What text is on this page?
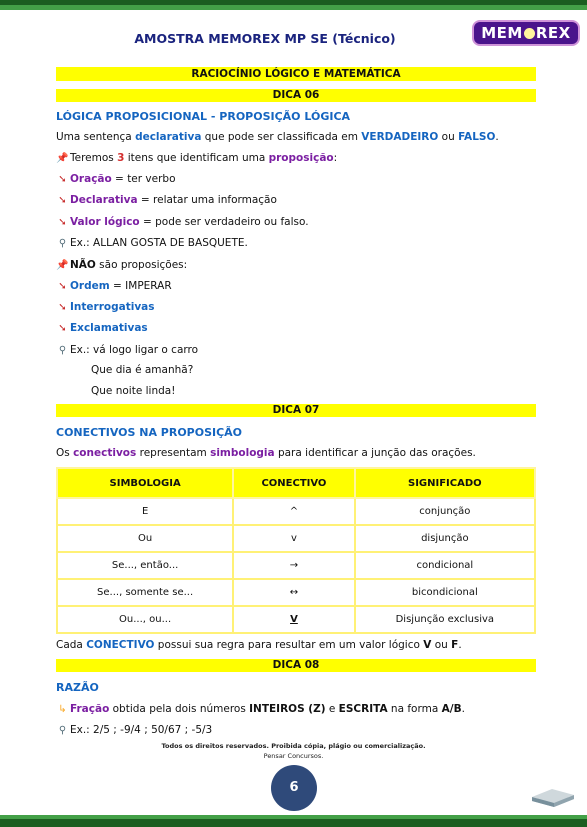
AMOSTRA MEMOREX MP SE (Técnico)	MEM REX
RACIOCÍNIO LÓGICO E MATEMÁTICA
DICA 06
LÓGICA PROPOSICIONAL - PROPOSIÇÃO LÓGICA
Uma sentença declarativa que pode ser classificada em VERDADEIRO ou FALSO.
📌Teremos 3 itens que identificam uma proposição:
➘ Oração = ter verbo
➘ Declarativa = relatar uma informação
➘ Valor lógico = pode ser verdadeiro ou falso.
⚲ Ex.: ALLAN GOSTA DE BASQUETE.
📌NÃO são proposições:
➘ Ordem = IMPERAR
➘ Interrogativas
➘ Exclamativas
⚲ Ex.: vá logo ligar o carro
Que dia é amanhã?
Que noite linda!
DICA 07
CONECTIVOS NA PROPOSIÇÃO
Os conectivos representam simbologia para identificar a junção das orações.
SIMBOLOGIA	CONECTIVO	SIGNIFICADO
E	^	conjunção
Ou	v	disjunção
Se..., então...	→	condicional
Se..., somente se...	↔	bicondicional
Ou..., ou...	V	Disjunção exclusiva
Cada CONECTIVO possui sua regra para resultar em um valor lógico V ou F.
DICA 08
RAZÃO
↳ Fração obtida pela dois números INTEIROS (Z) e ESCRITA na forma A/B.
⚲ Ex.: 2/5 ; -9/4 ; 50/67 ; -5/3
Todos os direitos reservados. Proibida cópia, plágio ou comercialização.
Pensar Concursos.
6
